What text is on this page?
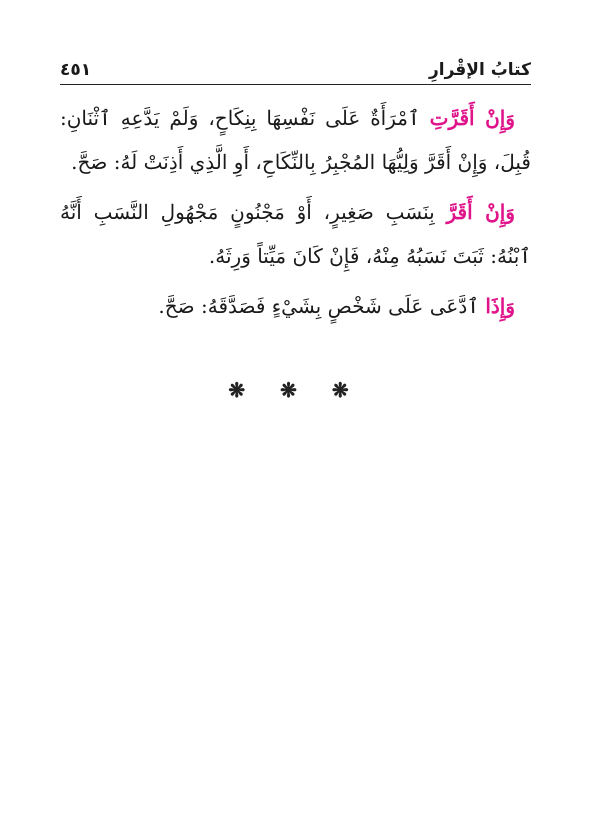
كتابُ الإقْرارِ
٤٥١

وَإِنْ أَقَرَّتِ ٱمْرَأَةٌ عَلَى نَفْسِهَا بِنِكَاحٍ، وَلَمْ يَدَّعِهِ ٱثْنَانِ: قُبِلَ، وَإِنْ أَقَرَّ وَلِيُّهَا المُجْبِرُ بِالنِّكَاحِ، أَوِ الَّذِي أَذِنَتْ لَهُ: صَحَّ.

وَإِنْ أَقَرَّ بِنَسَبِ صَغِيرٍ، أَوْ مَجْنُونٍ مَجْهُولِ النَّسَبِ أَنَّهُ ٱبْنُهُ: ثَبَتَ نَسَبُهُ مِنْهُ، فَإِنْ كَانَ مَيِّتاً وَرِثَهُ.

وَإِذَا ٱدَّعَى عَلَى شَخْصٍ بِشَيْءٍ فَصَدَّقَهُ: صَحَّ.

❋ ❋ ❋
